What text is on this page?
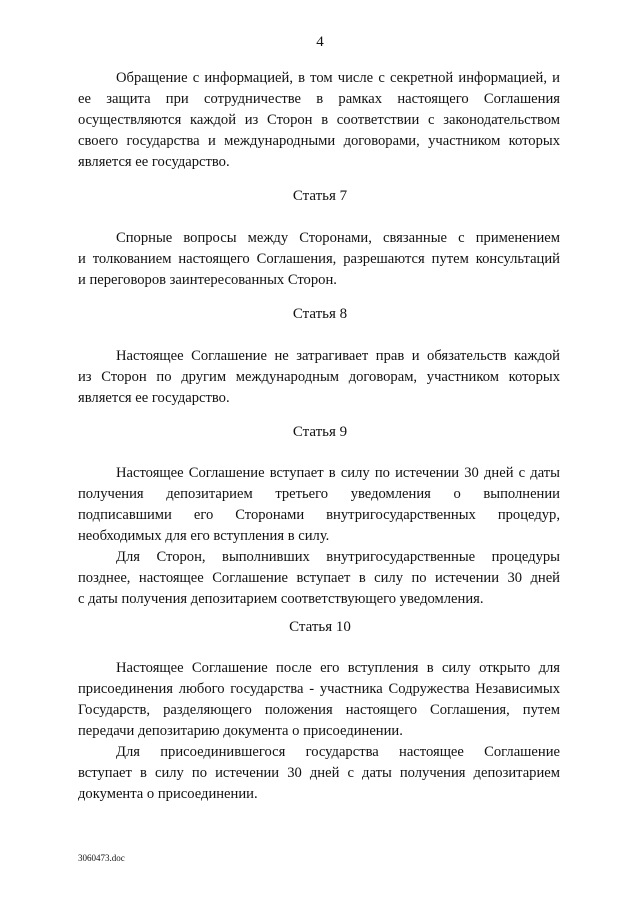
4
Обращение с информацией, в том числе с секретной информацией, и
ее защита при сотрудничестве в рамках настоящего Соглашения
осуществляются каждой из Сторон в соответствии с законодательством
своего государства и международными договорами, участником которых
является ее государство.
Статья 7
Спорные вопросы между Сторонами, связанные с применением
и толкованием настоящего Соглашения, разрешаются путем консультаций
и переговоров заинтересованных Сторон.
Статья 8
Настоящее Соглашение не затрагивает прав и обязательств каждой
из Сторон по другим международным договорам, участником которых
является ее государство.
Статья 9
Настоящее Соглашение вступает в силу по истечении 30 дней с даты
получения депозитарием третьего уведомления о выполнении
подписавшими его Сторонами внутригосударственных процедур,
необходимых для его вступления в силу.
Для Сторон, выполнивших внутригосударственные процедуры
позднее, настоящее Соглашение вступает в силу по истечении 30 дней
с даты получения депозитарием соответствующего уведомления.
Статья 10
Настоящее Соглашение после его вступления в силу открыто для
присоединения любого государства - участника Содружества Независимых
Государств, разделяющего положения настоящего Соглашения, путем
передачи депозитарию документа о присоединении.
Для присоединившегося государства настоящее Соглашение
вступает в силу по истечении 30 дней с даты получения депозитарием
документа о присоединении.
3060473.doc
